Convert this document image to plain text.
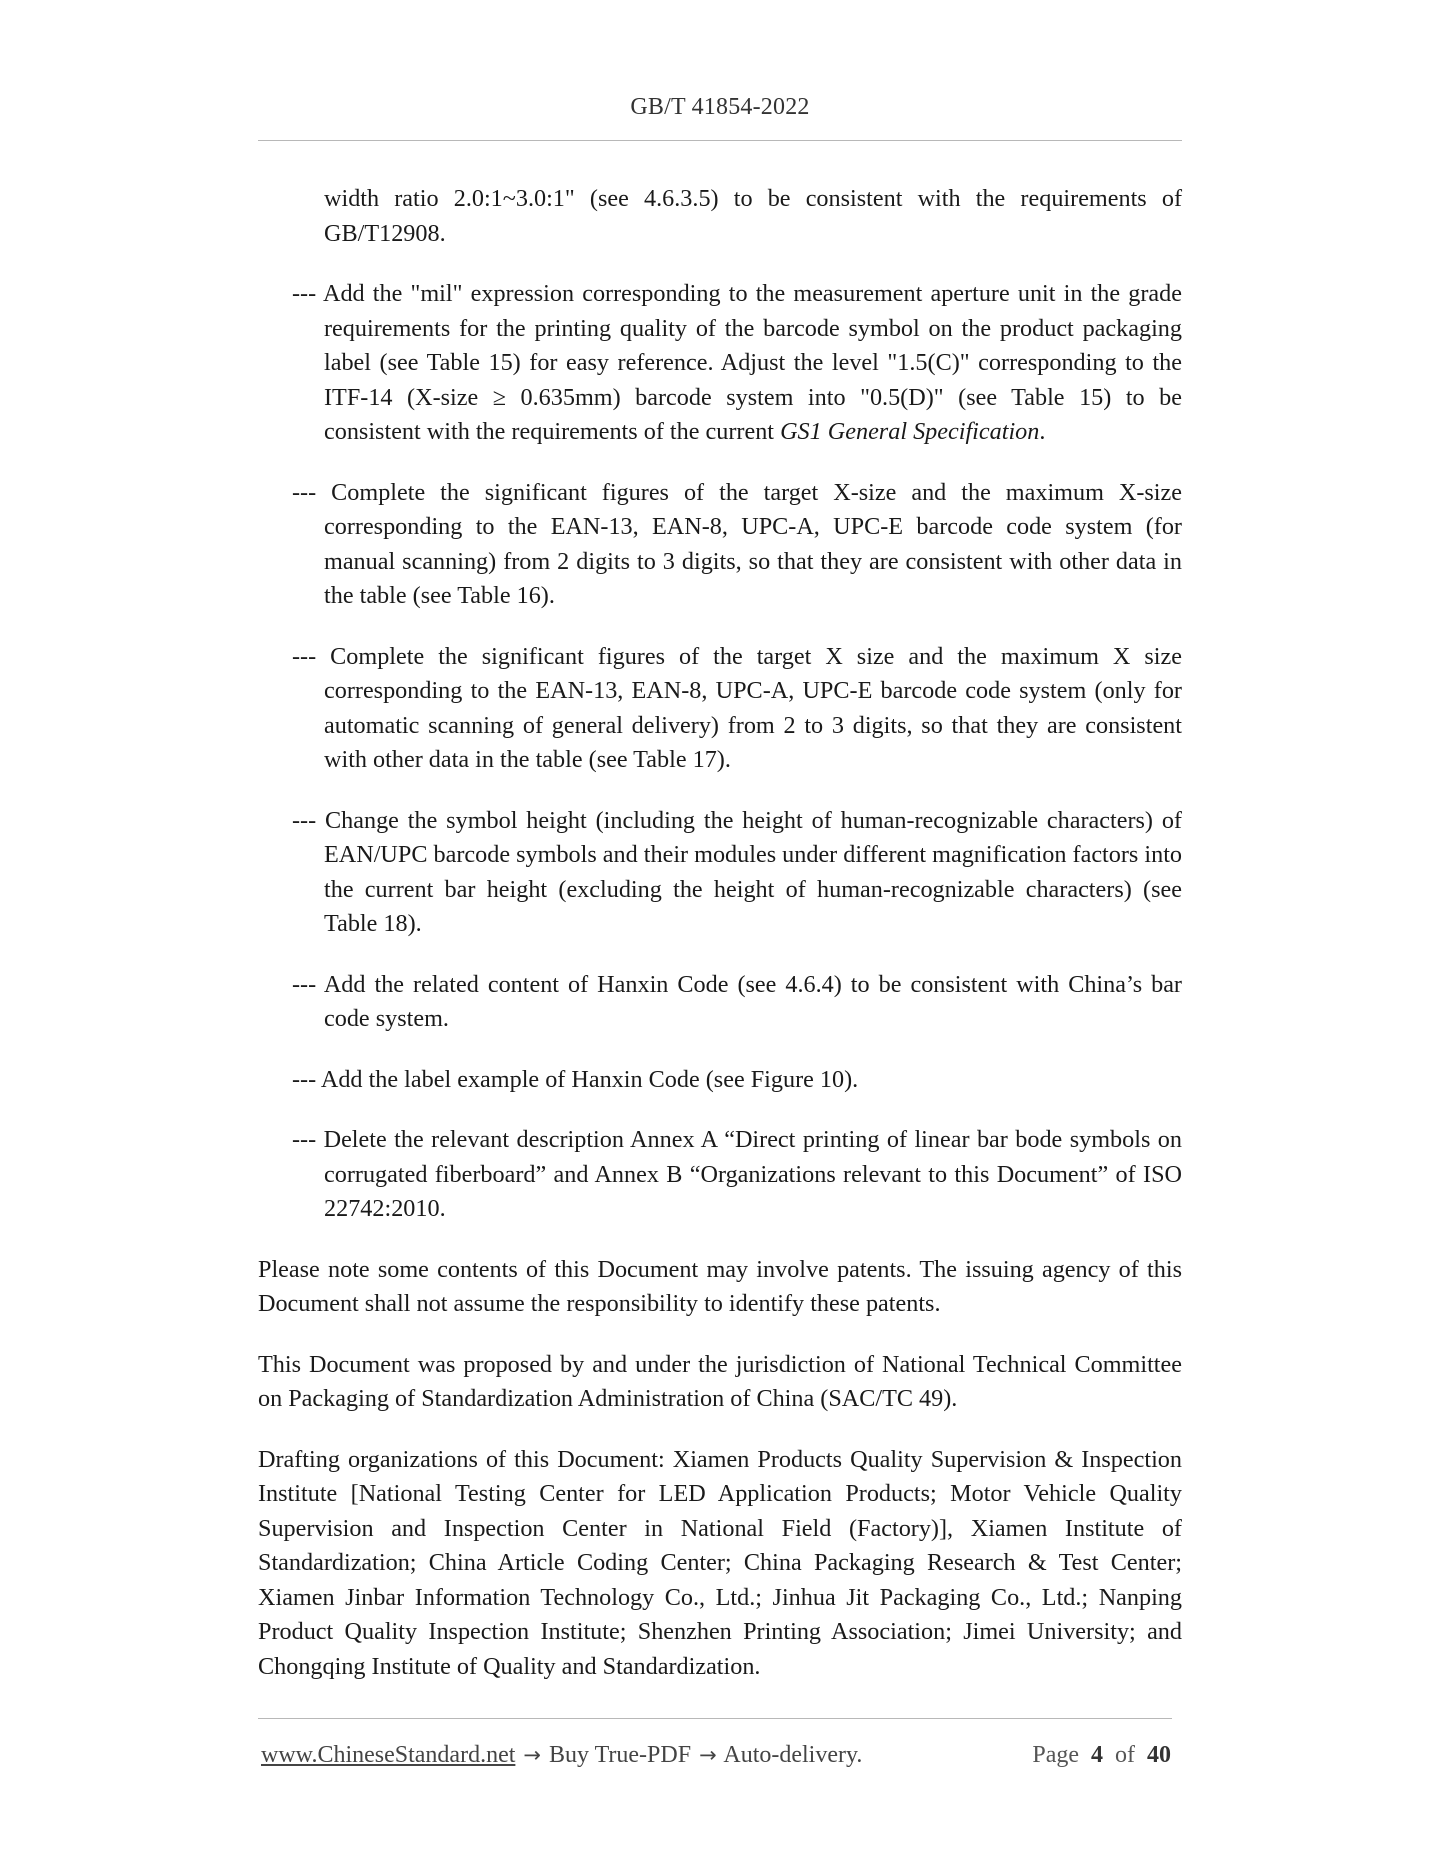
GB/T 41854-2022

width ratio 2.0:1~3.0:1" (see 4.6.3.5) to be consistent with the requirements of GB/T12908.

--- Add the "mil" expression corresponding to the measurement aperture unit in the grade requirements for the printing quality of the barcode symbol on the product packaging label (see Table 15) for easy reference. Adjust the level "1.5(C)" corresponding to the ITF-14 (X-size ≥ 0.635mm) barcode system into "0.5(D)" (see Table 15) to be consistent with the requirements of the current GS1 General Specification.

--- Complete the significant figures of the target X-size and the maximum X-size corresponding to the EAN-13, EAN-8, UPC-A, UPC-E barcode code system (for manual scanning) from 2 digits to 3 digits, so that they are consistent with other data in the table (see Table 16).

--- Complete the significant figures of the target X size and the maximum X size corresponding to the EAN-13, EAN-8, UPC-A, UPC-E barcode code system (only for automatic scanning of general delivery) from 2 to 3 digits, so that they are consistent with other data in the table (see Table 17).

--- Change the symbol height (including the height of human-recognizable characters) of EAN/UPC barcode symbols and their modules under different magnification factors into the current bar height (excluding the height of human-recognizable characters) (see Table 18).

--- Add the related content of Hanxin Code (see 4.6.4) to be consistent with China’s bar code system.

--- Add the label example of Hanxin Code (see Figure 10).

--- Delete the relevant description Annex A “Direct printing of linear bar bode symbols on corrugated fiberboard” and Annex B “Organizations relevant to this Document” of ISO 22742:2010.

Please note some contents of this Document may involve patents. The issuing agency of this Document shall not assume the responsibility to identify these patents.

This Document was proposed by and under the jurisdiction of National Technical Committee on Packaging of Standardization Administration of China (SAC/TC 49).

Drafting organizations of this Document: Xiamen Products Quality Supervision & Inspection Institute [National Testing Center for LED Application Products; Motor Vehicle Quality Supervision and Inspection Center in National Field (Factory)], Xiamen Institute of Standardization; China Article Coding Center; China Packaging Research & Test Center; Xiamen Jinbar Information Technology Co., Ltd.; Jinhua Jit Packaging Co., Ltd.; Nanping Product Quality Inspection Institute; Shenzhen Printing Association; Jimei University; and Chongqing Institute of Quality and Standardization.

www.ChineseStandard.net → Buy True-PDF → Auto-delivery.	Page 4 of 40
